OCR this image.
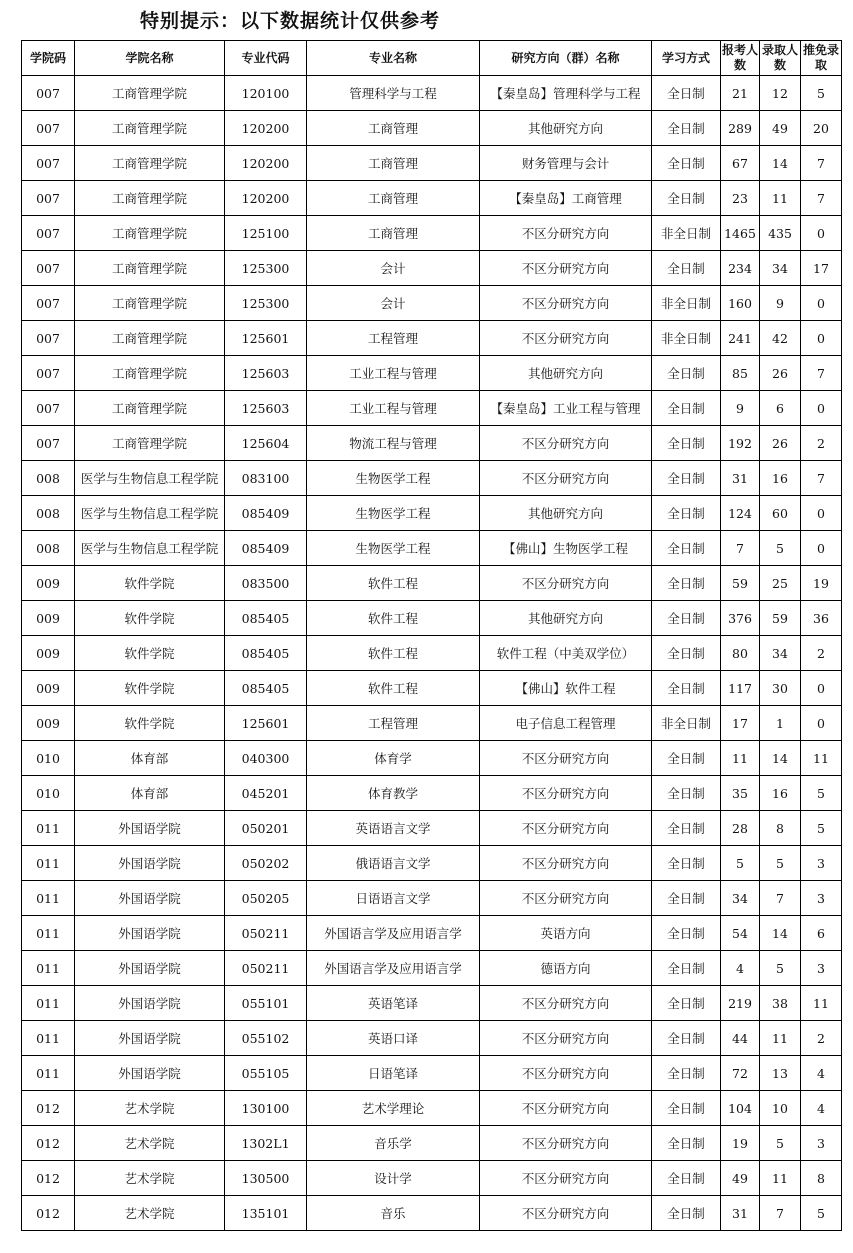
特别提示：以下数据统计仅供参考
学院码	学院名称	专业代码	专业名称	研究方向（群）名称	学习方式	报考人数	录取人数	推免录取
007	工商管理学院	120100	管理科学与工程	【秦皇岛】管理科学与工程	全日制	21	12	5
007	工商管理学院	120200	工商管理	其他研究方向	全日制	289	49	20
007	工商管理学院	120200	工商管理	财务管理与会计	全日制	67	14	7
007	工商管理学院	120200	工商管理	【秦皇岛】工商管理	全日制	23	11	7
007	工商管理学院	125100	工商管理	不区分研究方向	非全日制	1465	435	0
007	工商管理学院	125300	会计	不区分研究方向	全日制	234	34	17
007	工商管理学院	125300	会计	不区分研究方向	非全日制	160	9	0
007	工商管理学院	125601	工程管理	不区分研究方向	非全日制	241	42	0
007	工商管理学院	125603	工业工程与管理	其他研究方向	全日制	85	26	7
007	工商管理学院	125603	工业工程与管理	【秦皇岛】工业工程与管理	全日制	9	6	0
007	工商管理学院	125604	物流工程与管理	不区分研究方向	全日制	192	26	2
008	医学与生物信息工程学院	083100	生物医学工程	不区分研究方向	全日制	31	16	7
008	医学与生物信息工程学院	085409	生物医学工程	其他研究方向	全日制	124	60	0
008	医学与生物信息工程学院	085409	生物医学工程	【佛山】生物医学工程	全日制	7	5	0
009	软件学院	083500	软件工程	不区分研究方向	全日制	59	25	19
009	软件学院	085405	软件工程	其他研究方向	全日制	376	59	36
009	软件学院	085405	软件工程	软件工程（中美双学位）	全日制	80	34	2
009	软件学院	085405	软件工程	【佛山】软件工程	全日制	117	30	0
009	软件学院	125601	工程管理	电子信息工程管理	非全日制	17	1	0
010	体育部	040300	体育学	不区分研究方向	全日制	11	14	11
010	体育部	045201	体育教学	不区分研究方向	全日制	35	16	5
011	外国语学院	050201	英语语言文学	不区分研究方向	全日制	28	8	5
011	外国语学院	050202	俄语语言文学	不区分研究方向	全日制	5	5	3
011	外国语学院	050205	日语语言文学	不区分研究方向	全日制	34	7	3
011	外国语学院	050211	外国语言学及应用语言学	英语方向	全日制	54	14	6
011	外国语学院	050211	外国语言学及应用语言学	德语方向	全日制	4	5	3
011	外国语学院	055101	英语笔译	不区分研究方向	全日制	219	38	11
011	外国语学院	055102	英语口译	不区分研究方向	全日制	44	11	2
011	外国语学院	055105	日语笔译	不区分研究方向	全日制	72	13	4
012	艺术学院	130100	艺术学理论	不区分研究方向	全日制	104	10	4
012	艺术学院	1302L1	音乐学	不区分研究方向	全日制	19	5	3
012	艺术学院	130500	设计学	不区分研究方向	全日制	49	11	8
012	艺术学院	135101	音乐	不区分研究方向	全日制	31	7	5
